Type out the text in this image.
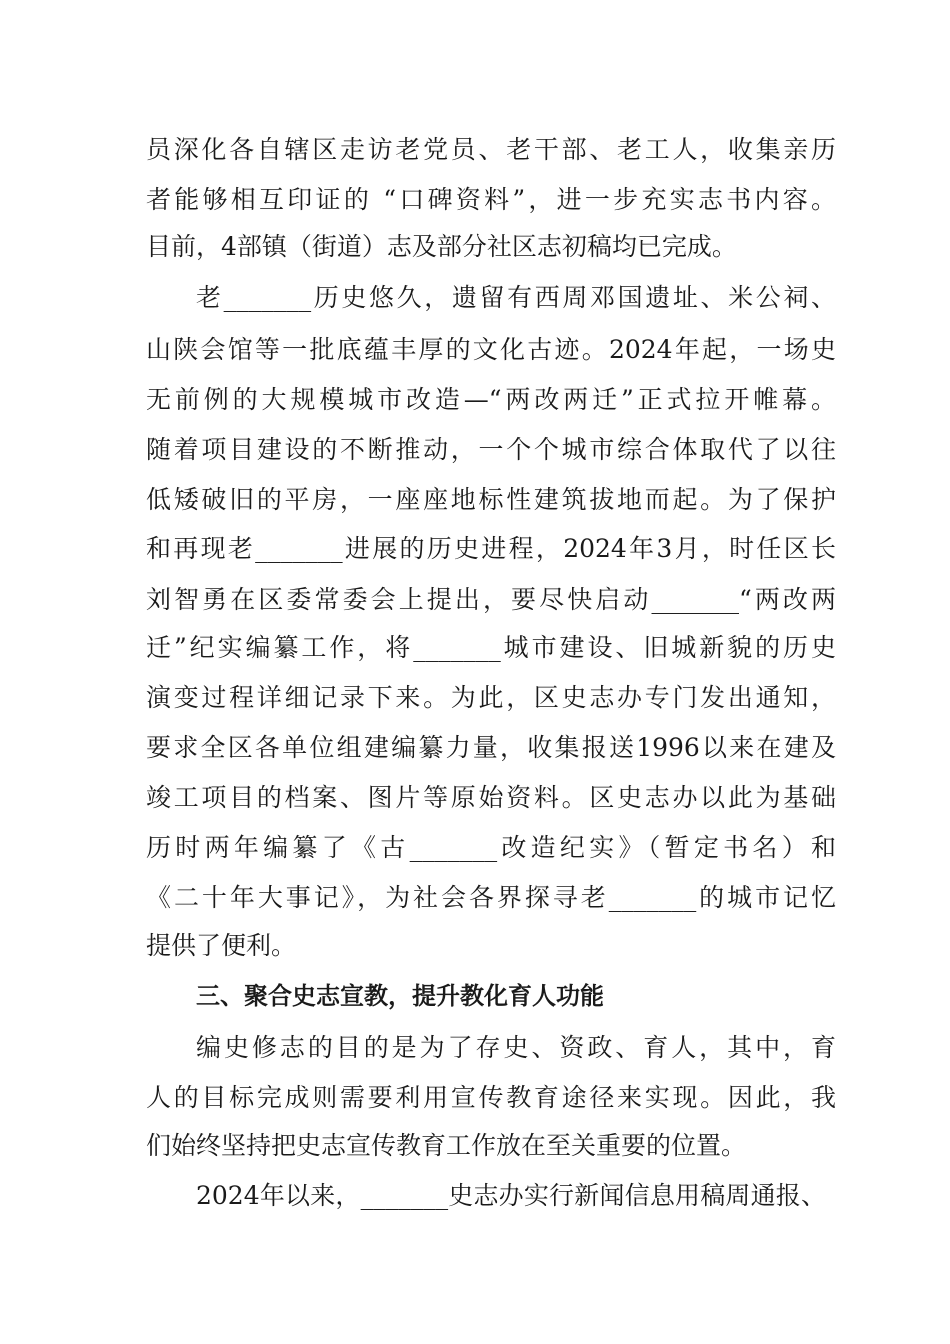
员深化各自辖区走访老党员、老干部、老工人，收集亲历
者能够相互印证的 “口碑资料”，进一步充实志书内容。
目前，4部镇（街道）志及部分社区志初稿均已完成。
老_______历史悠久，遗留有西周邓国遗址、米公祠、
山陕会馆等一批底蕴丰厚的文化古迹。2024年起，一场史
无前例的大规模城市改造—“两改两迁”正式拉开帷幕。
随着项目建设的不断推动，一个个城市综合体取代了以往
低矮破旧的平房，一座座地标性建筑拔地而起。为了保护
和再现老_______进展的历史进程，2024年3月，时任区长
刘智勇在区委常委会上提出，要尽快启动_______“两改两
迁”纪实编纂工作，将_______城市建设、旧城新貌的历史
演变过程详细记录下来。为此，区史志办专门发出通知，
要求全区各单位组建编纂力量，收集报送1996以来在建及
竣工项目的档案、图片等原始资料。区史志办以此为基础
历时两年编纂了《古_______改造纪实》（暂定书名）和
《二十年大事记》，为社会各界探寻老_______的城市记忆
提供了便利。
三、聚合史志宣教，提升教化育人功能
编史修志的目的是为了存史、资政、育人，其中，育
人的目标完成则需要利用宣传教育途径来实现。因此，我
们始终坚持把史志宣传教育工作放在至关重要的位置。
2024年以来，_______史志办实行新闻信息用稿周通报、
